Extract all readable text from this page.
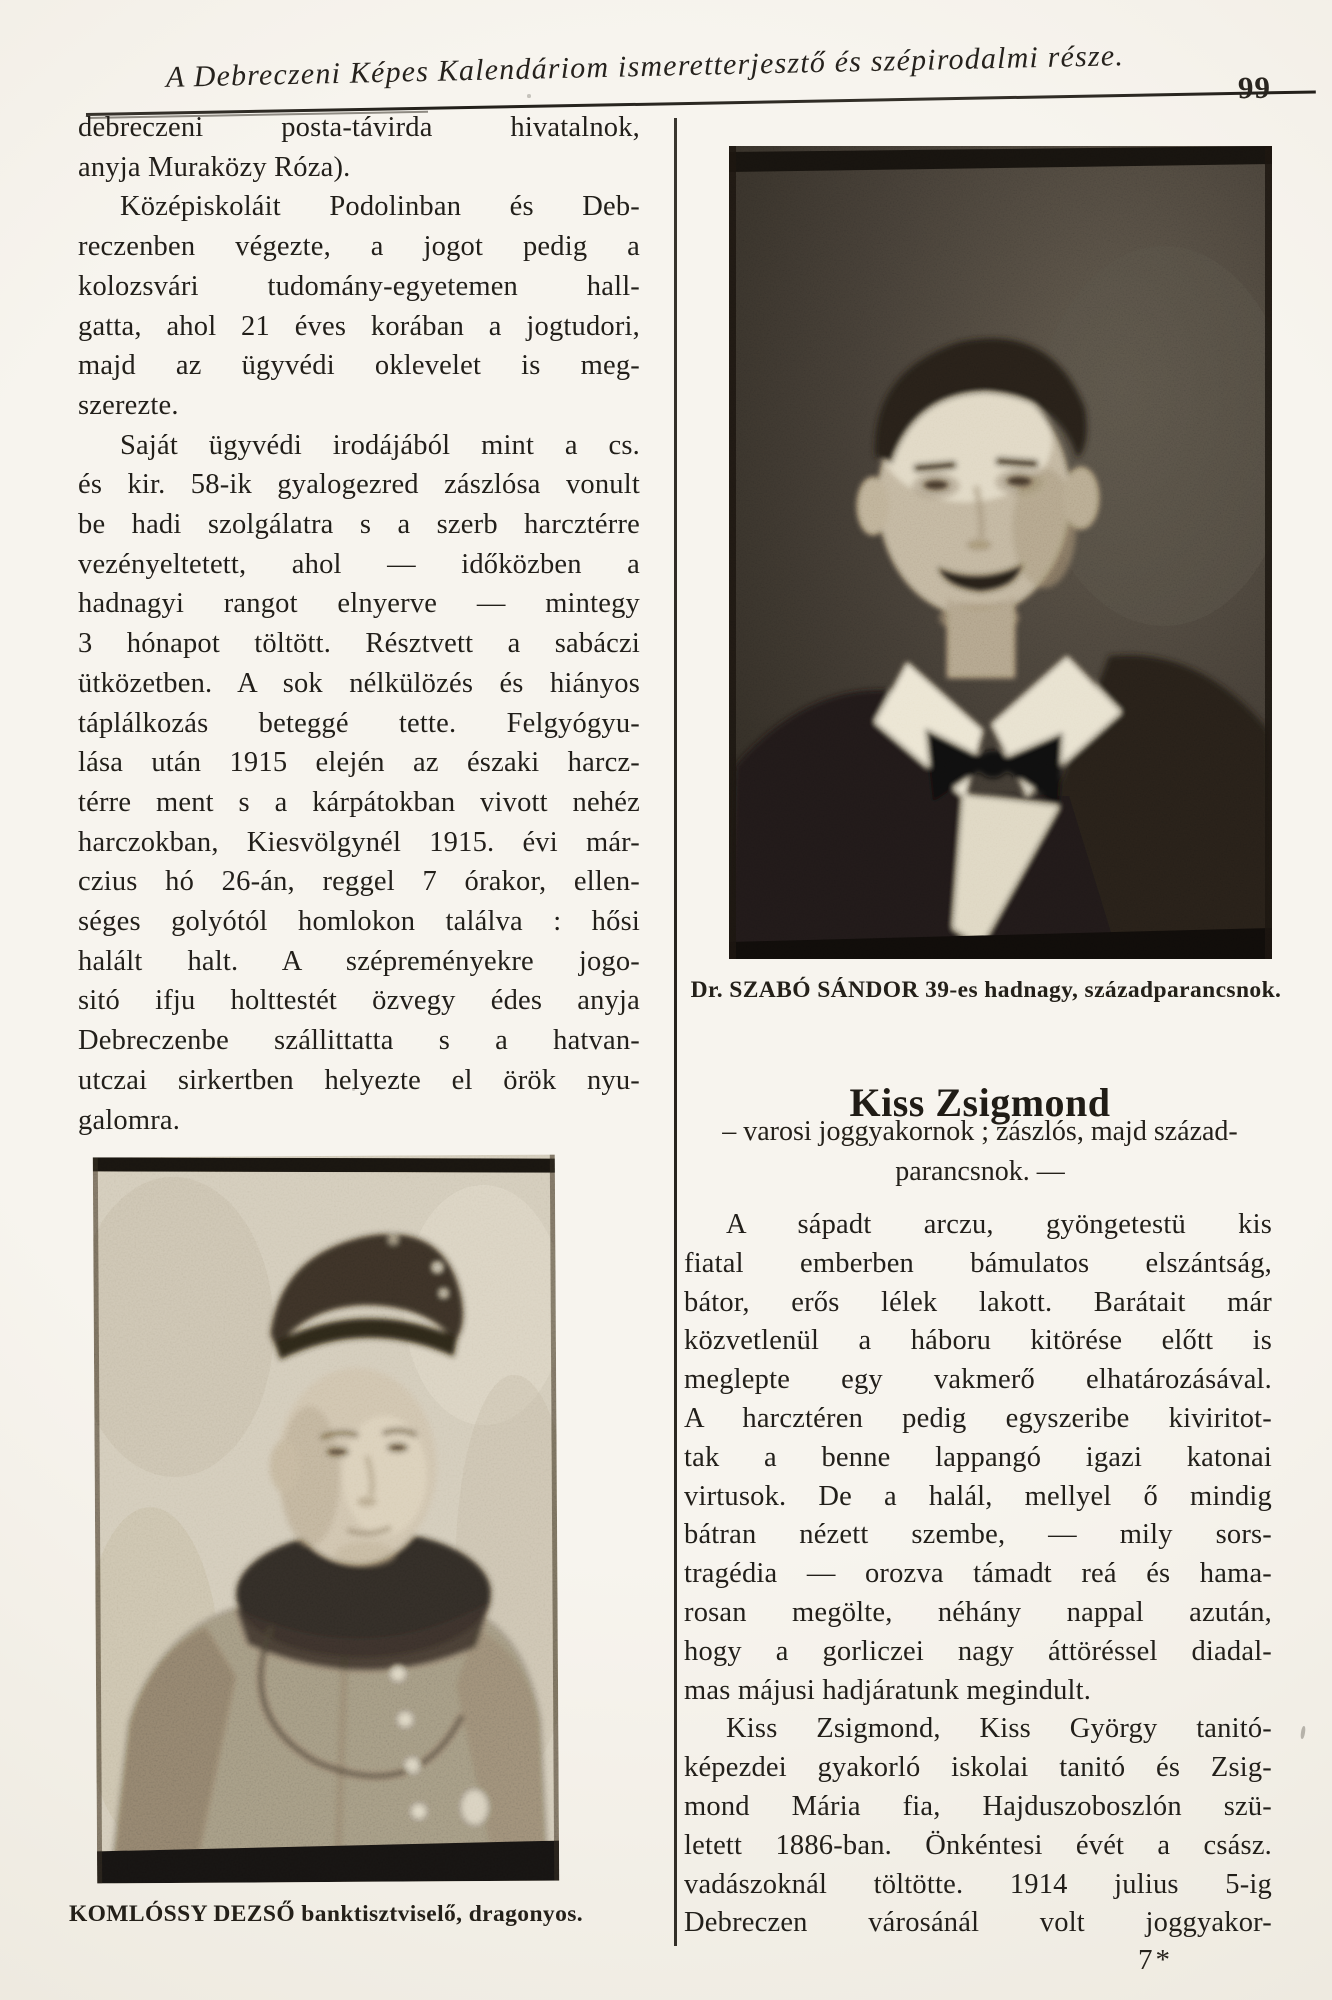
A Debreczeni Képes Kalendáriom ismeretterjesztő és szépirodalmi része.	99
debreczeni posta-távirda hivatalnok,
anyja Muraközy Róza).
Középiskoláit Podolinban és Deb-
reczenben végezte, a jogot pedig a
kolozsvári tudomány-egyetemen hall-
gatta, ahol 21 éves korában a jogtudori,
majd az ügyvédi oklevelet is meg-
szerezte.
Saját ügyvédi irodájából mint a cs.
és kir. 58-ik gyalogezred zászlósa vonult
be hadi szolgálatra s a szerb harcztérre
vezényeltetett, ahol — időközben a
hadnagyi rangot elnyerve — mintegy
3 hónapot töltött. Résztvett a sabáczi
ütközetben. A sok nélkülözés és hiányos
táplálkozás beteggé tette. Felgyógyu-
lása után 1915 elején az északi harcz-
térre ment s a kárpátokban vivott nehéz
harczokban, Kiesvölgynél 1915. évi már-
czius hó 26-án, reggel 7 órakor, ellen-
séges golyótól homlokon találva : hősi
halált halt. A szépreményekre jogo-
sitó ifju holttestét özvegy édes anyja
Debreczenbe szállittatta s a hatvan-
utczai sirkertben helyezte el örök nyu-
galomra.
KOMLÓSSY DEZSŐ banktisztviselő, dragonyos.
Dr. SZABÓ SÁNDOR 39-es hadnagy, századparancsnok.
Kiss Zsigmond
– varosi joggyakornok ; zászlós, majd század-
parancsnok. —
A sápadt arczu, gyöngetestü kis
fiatal emberben bámulatos elszántság,
bátor, erős lélek lakott. Barátait már
közvetlenül a háboru kitörése előtt is
meglepte egy vakmerő elhatározásával.
A harcztéren pedig egyszeribe kiviritot-
tak a benne lappangó igazi katonai
virtusok. De a halál, mellyel ő mindig
bátran nézett szembe, — mily sors-
tragédia — orozva támadt reá és hama-
rosan megölte, néhány nappal azután,
hogy a gorliczei nagy áttöréssel diadal-
mas májusi hadjáratunk megindult.
Kiss Zsigmond, Kiss György tanitó-
képezdei gyakorló iskolai tanitó és Zsig-
mond Mária fia, Hajduszoboszlón szü-
letett 1886-ban. Önkéntesi évét a csász.
vadászoknál töltötte. 1914 julius 5-ig
Debreczen városánál volt joggyakor-
7*
